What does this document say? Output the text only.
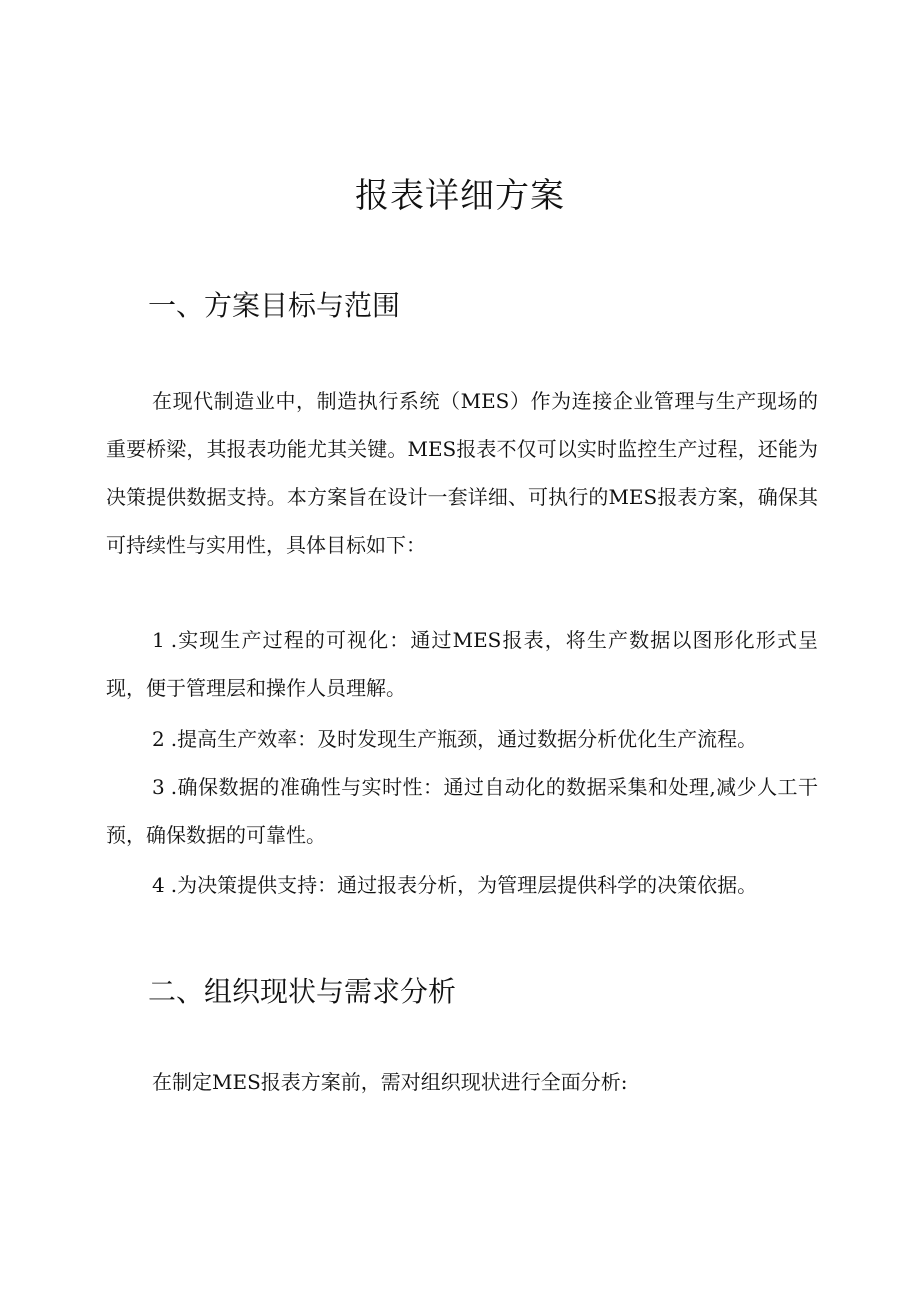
报表详细方案
一、方案目标与范围

在现代制造业中，制造执行系统（MES）作为连接企业管理与生产现场的重要桥梁，其报表功能尤其关键。MES报表不仅可以实时监控生产过程，还能为决策提供数据支持。本方案旨在设计一套详细、可执行的MES报表方案，确保其可持续性与实用性，具体目标如下：

1 .实现生产过程的可视化：通过MES报表，将生产数据以图形化形式呈现，便于管理层和操作人员理解。

2 .提高生产效率：及时发现生产瓶颈，通过数据分析优化生产流程。

3 .确保数据的准确性与实时性：通过自动化的数据采集和处理,减少人工干预，确保数据的可靠性。

4 .为决策提供支持：通过报表分析，为管理层提供科学的决策依据。

二、组织现状与需求分析

在制定MES报表方案前，需对组织现状进行全面分析:
